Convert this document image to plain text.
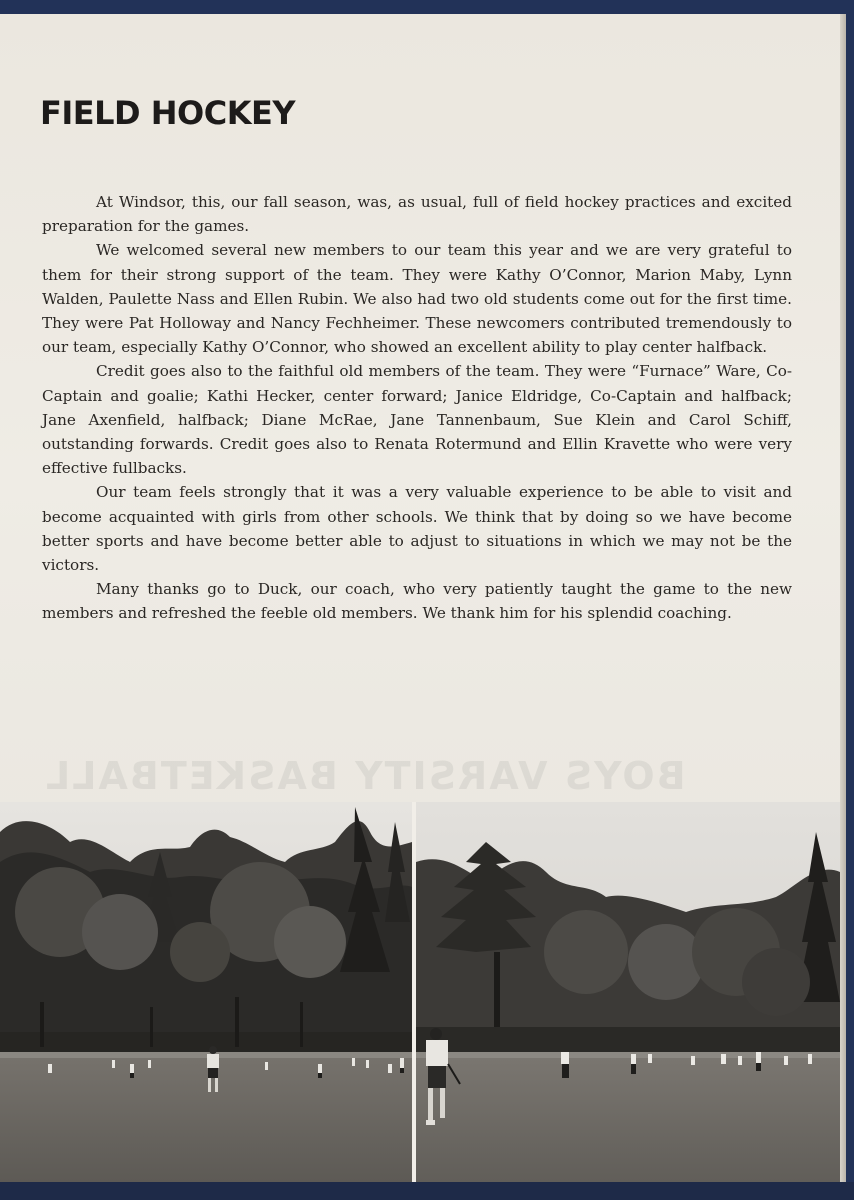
FIELD HOCKEY

At Windsor, this, our fall season, was, as usual, full of field hockey practices and excited preparation for the games.

We welcomed several new members to our team this year and we are very grateful to them for their strong support of the team. They were Kathy O’Connor, Marion Maby, Lynn Walden, Paulette Nass and Ellen Rubin. We also had two old students come out for the first time. They were Pat Holloway and Nancy Fechheimer. These newcomers contributed tremendously to our team, especially Kathy O’Connor, who showed an excellent ability to play center halfback.

Credit goes also to the faithful old members of the team. They were “Furnace” Ware, Co-Captain and goalie; Kathi Hecker, center forward; Janice Eldridge, Co-Captain and halfback; Jane Axenfield, halfback; Diane McRae, Jane Tannenbaum, Sue Klein and Carol Schiff, outstanding forwards. Credit goes also to Renata Rotermund and Ellin Kravette who were very effective fullbacks.

Our team feels strongly that it was a very valuable experience to be able to visit and become acquainted with girls from other schools. We think that by doing so we have become better sports and have become better able to adjust to situations in which we may not be the victors.

Many thanks go to Duck, our coach, who very patiently taught the game to the new members and refreshed the feeble old members. We thank him for his splendid coaching.

BOYS VARSITY BASKETBALL
